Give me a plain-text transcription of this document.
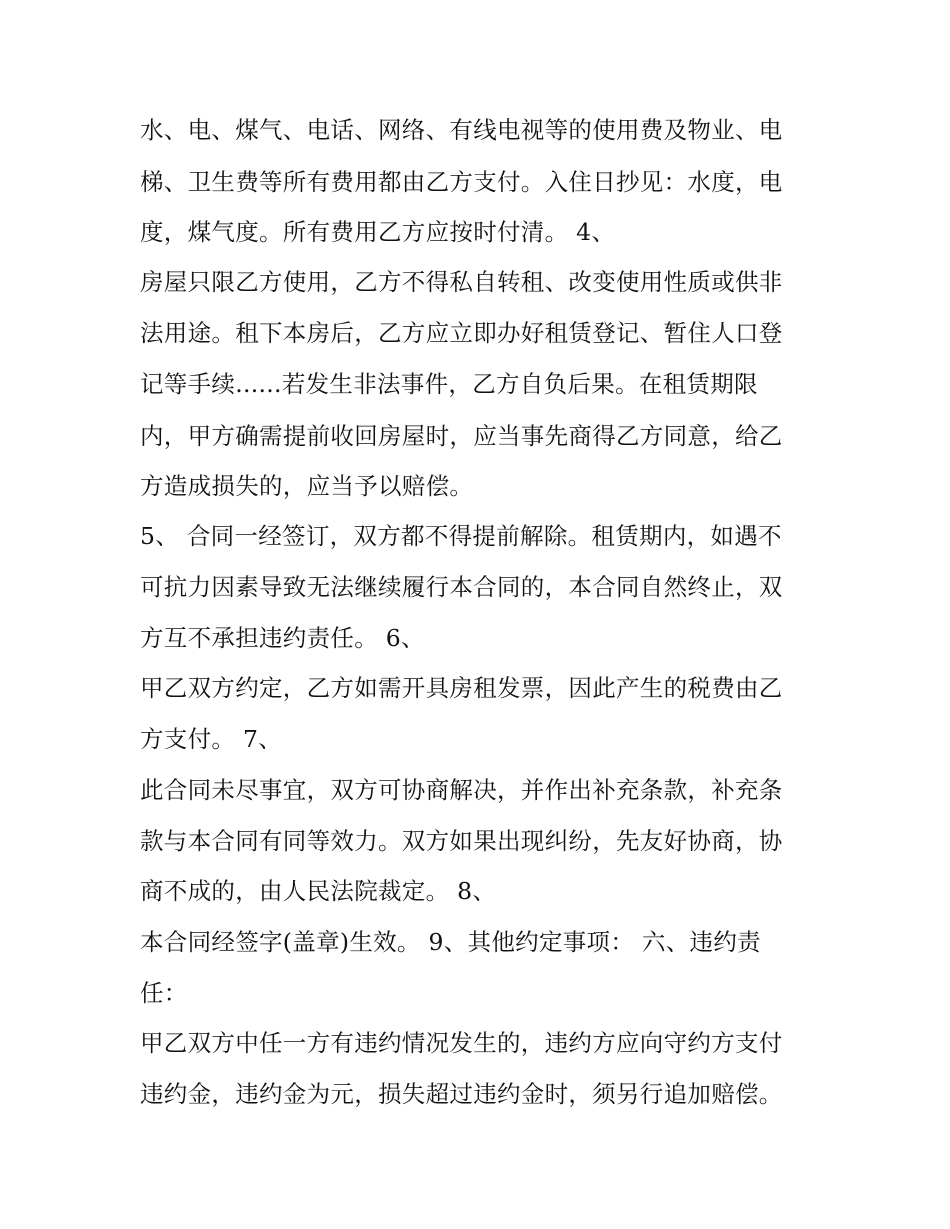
水、电、煤气、电话、网络、有线电视等的使用费及物业、电
梯、卫生费等所有费用都由乙方支付。入住日抄见：水度，电
度，煤气度。所有费用乙方应按时付清。 4、
房屋只限乙方使用，乙方不得私自转租、改变使用性质或供非
法用途。租下本房后，乙方应立即办好租赁登记、暂住人口登
记等手续......若发生非法事件，乙方自负后果。在租赁期限
内，甲方确需提前收回房屋时，应当事先商得乙方同意，给乙
方造成损失的，应当予以赔偿。
5、 合同一经签订，双方都不得提前解除。租赁期内，如遇不
可抗力因素导致无法继续履行本合同的，本合同自然终止，双
方互不承担违约责任。 6、
甲乙双方约定，乙方如需开具房租发票，因此产生的税费由乙
方支付。 7、
此合同未尽事宜，双方可协商解决，并作出补充条款，补充条
款与本合同有同等效力。双方如果出现纠纷，先友好协商，协
商不成的，由人民法院裁定。 8、
本合同经签字(盖章)生效。 9、其他约定事项： 六、违约责
任：
甲乙双方中任一方有违约情况发生的，违约方应向守约方支付
违约金，违约金为元，损失超过违约金时，须另行追加赔偿。
